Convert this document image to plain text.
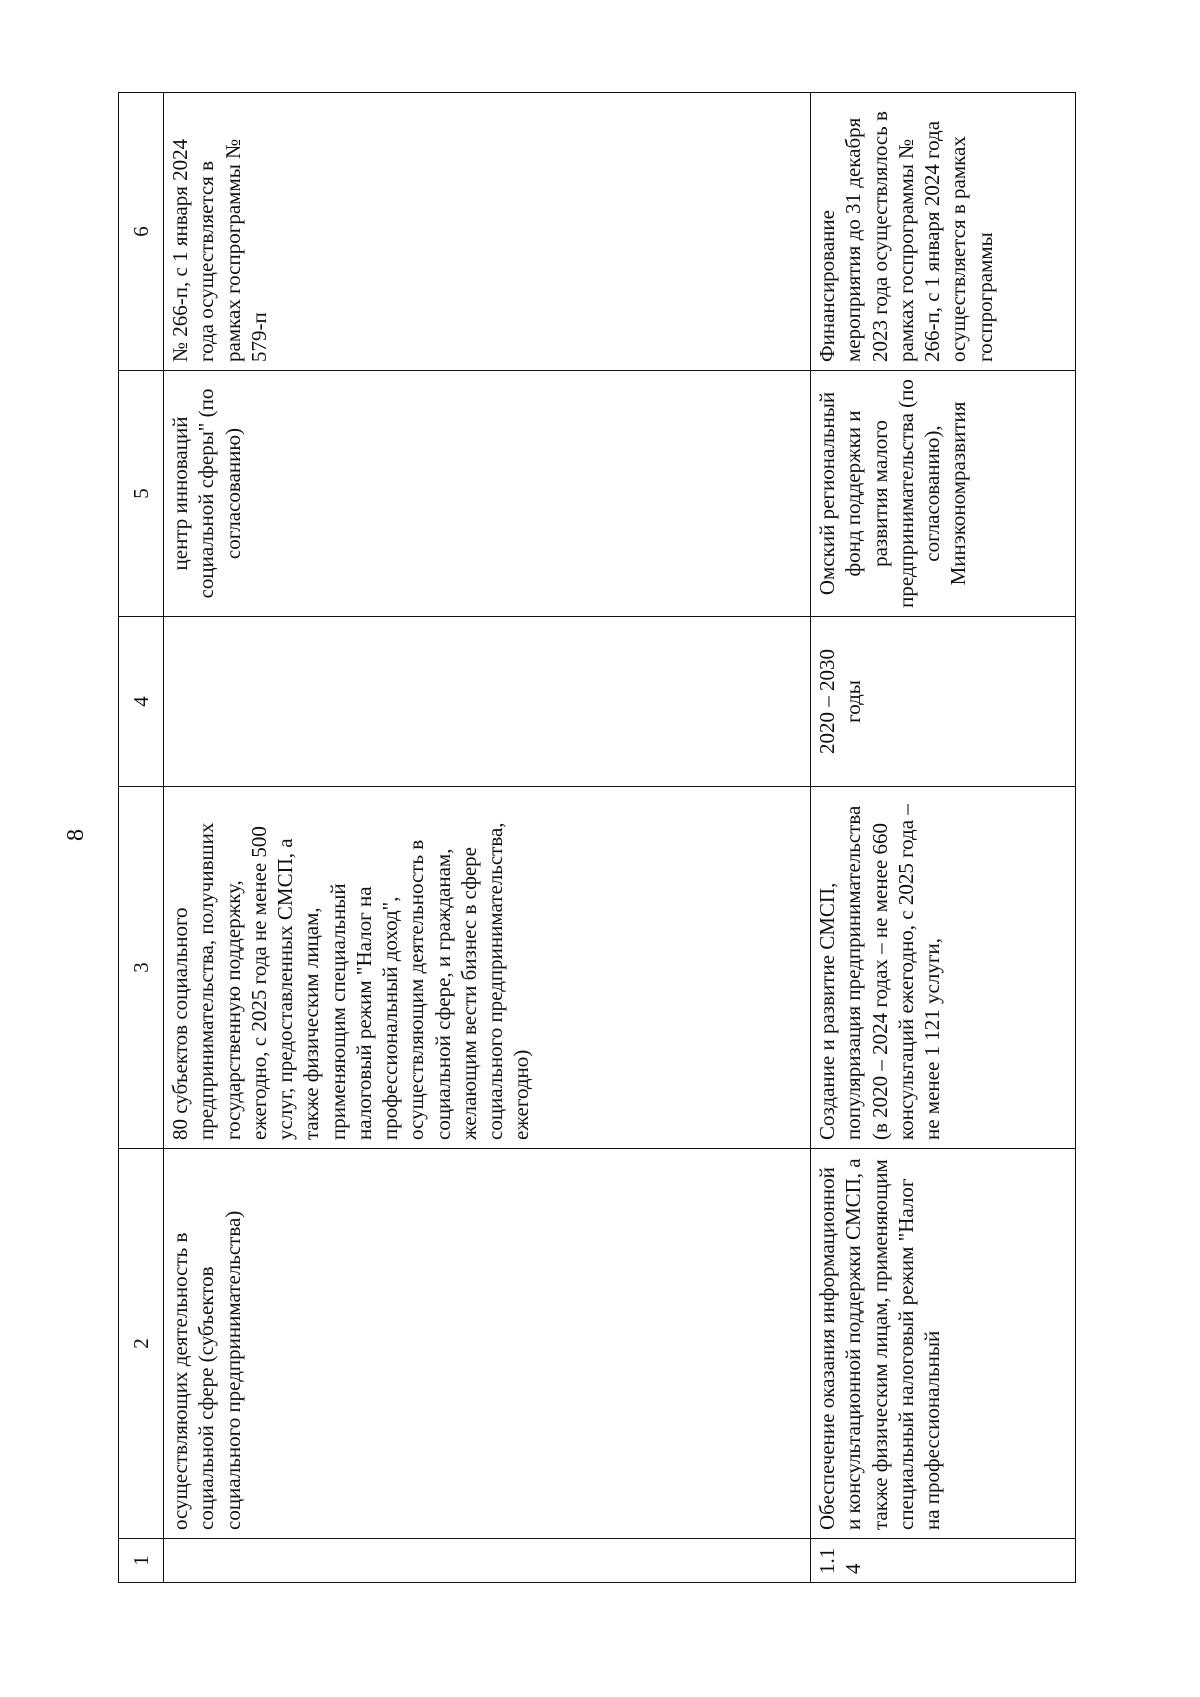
8
1	2	3	4	5	6
	осуществляющих деятельность в социальной сфере (субъектов социального предпринимательства)	80 субъектов социального предпринимательства, получивших государственную поддержку, ежегодно, с 2025 года не менее 500 услуг, предоставленных СМСП, а также физическим лицам, применяющим специальный налоговый режим "Налог на профессиональный доход", осуществляющим деятельность в социальной сфере, и гражданам, желающим вести бизнес в сфере социального предпринимательства, ежегодно)		центр инноваций социальной сферы" (по согласованию)	№ 266-п, с 1 января 2024 года осуществляется в рамках госпрограммы № 579-п
1.14	Обеспечение оказания информационной и консультационной поддержки СМСП, а также физическим лицам, применяющим специальный налоговый режим "Налог на профессиональный	Создание и развитие СМСП, популяризация предпринимательства (в 2020 – 2024 годах – не менее 660 консультаций ежегодно, с 2025 года – не менее 1 121 услуги,	2020 – 2030 годы	Омский региональный фонд поддержки и развития малого предпринимательства (по согласованию), Минэкономразвития	Финансирование мероприятия до 31 декабря 2023 года осуществлялось в рамках госпрограммы № 266-п, с 1 января 2024 года осуществляется в рамках госпрограммы
